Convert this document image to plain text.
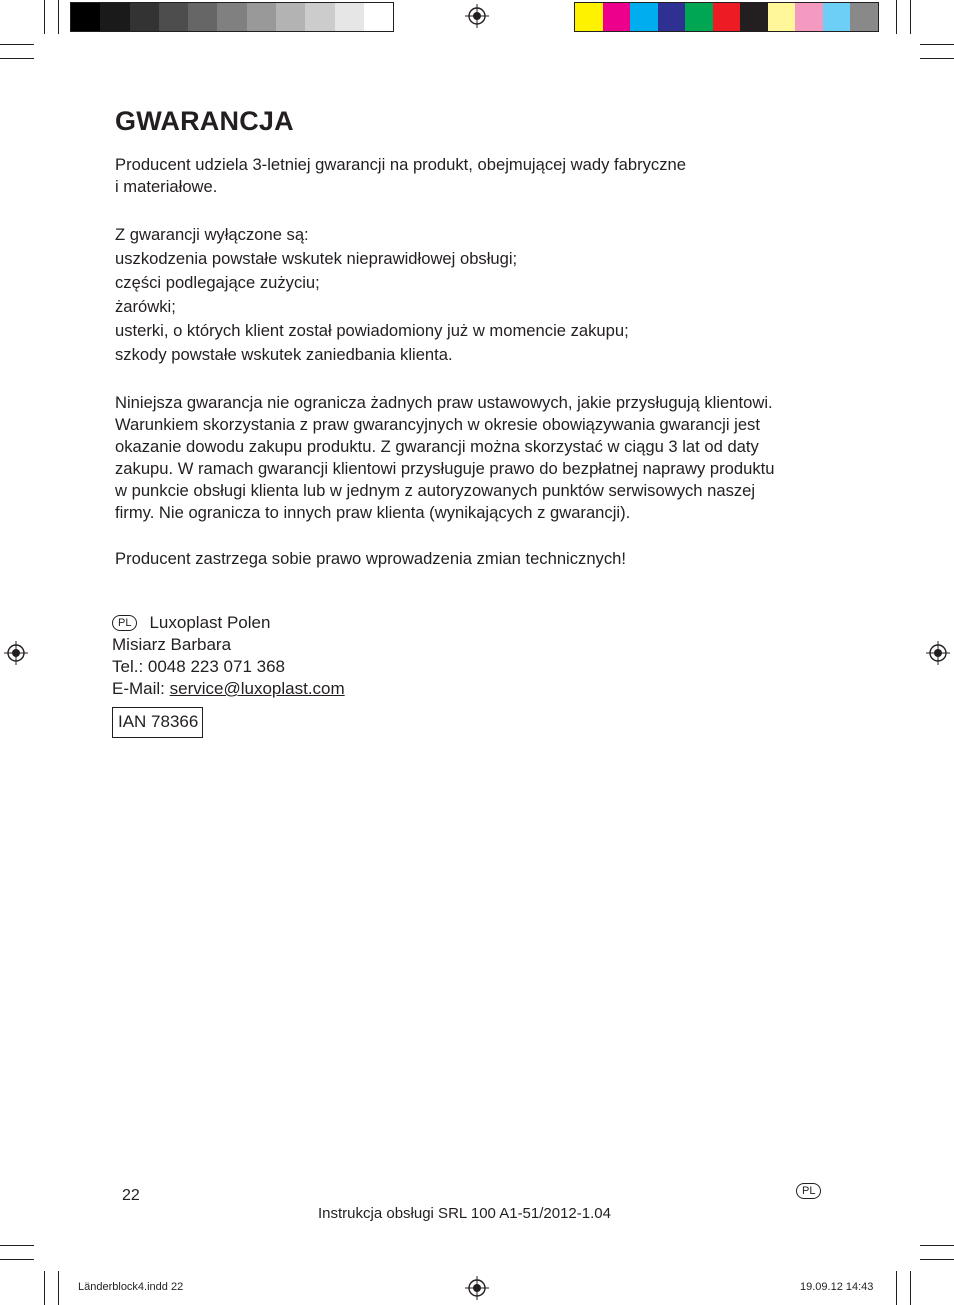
GWARANCJA
Producent udziela 3-letniej gwarancji na produkt, obejmującej wady fabryczne
i materiałowe.
Z gwarancji wyłączone są:
uszkodzenia powstałe wskutek nieprawidłowej obsługi;
części podlegające zużyciu;
żarówki;
usterki, o których klient został powiadomiony już w momencie zakupu;
szkody powstałe wskutek zaniedbania klienta.
Niniejsza gwarancja nie ogranicza żadnych praw ustawowych, jakie przysługują klientowi.
Warunkiem skorzystania z praw gwarancyjnych w okresie obowiązywania gwarancji jest
okazanie dowodu zakupu produktu. Z gwarancji można skorzystać w ciągu 3 lat od daty
zakupu. W ramach gwarancji klientowi przysługuje prawo do bezpłatnej naprawy produktu
w punkcie obsługi klienta lub w jednym z autoryzowanych punktów serwisowych naszej
firmy. Nie ogranicza to innych praw klienta (wynikających z gwarancji).
Producent zastrzega sobie prawo wprowadzenia zmian technicznych!
PL Luxoplast Polen
Misiarz Barbara
Tel.: 0048 223 071 368
E-Mail: service@luxoplast.com
IAN 78366
22	PL
Instrukcja obsługi SRL 100 A1-51/2012-1.04
Länderblock4.indd 22	19.09.12 14:43
